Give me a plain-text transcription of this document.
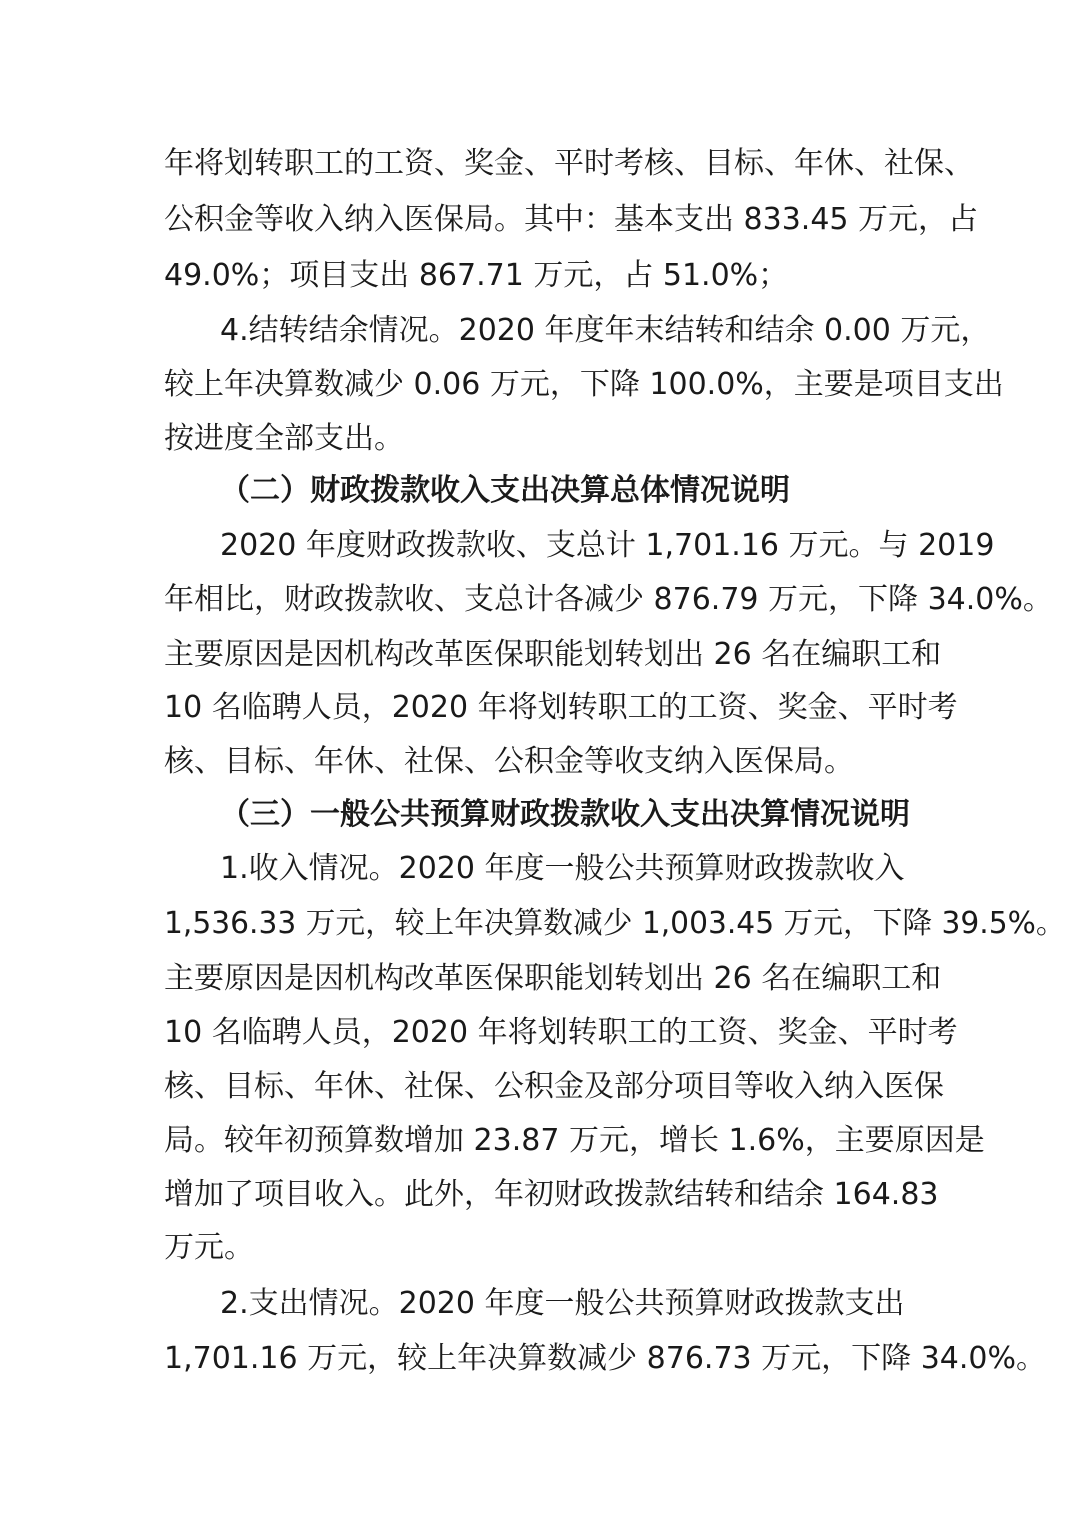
年将划转职工的工资、奖金、平时考核、目标、年休、社保、
公积金等收入纳入医保局。其中：基本支出 833.45 万元，占
49.0%；项目支出 867.71 万元，占 51.0%；
4.结转结余情况。2020 年度年末结转和结余 0.00 万元，
较上年决算数减少 0.06 万元，下降 100.0%，主要是项目支出
按进度全部支出。
（二）财政拨款收入支出决算总体情况说明
2020 年度财政拨款收、支总计 1,701.16 万元。与 2019
年相比，财政拨款收、支总计各减少 876.79 万元，下降 34.0%。
主要原因是因机构改革医保职能划转划出 26 名在编职工和
10 名临聘人员，2020 年将划转职工的工资、奖金、平时考
核、目标、年休、社保、公积金等收支纳入医保局。
（三）一般公共预算财政拨款收入支出决算情况说明
1.收入情况。2020 年度一般公共预算财政拨款收入
1,536.33 万元，较上年决算数减少 1,003.45 万元，下降 39.5%。
主要原因是因机构改革医保职能划转划出 26 名在编职工和
10 名临聘人员，2020 年将划转职工的工资、奖金、平时考
核、目标、年休、社保、公积金及部分项目等收入纳入医保
局。较年初预算数增加 23.87 万元，增长 1.6%，主要原因是
增加了项目收入。此外，年初财政拨款结转和结余 164.83
万元。
2.支出情况。2020 年度一般公共预算财政拨款支出
1,701.16 万元，较上年决算数减少 876.73 万元，下降 34.0%。
